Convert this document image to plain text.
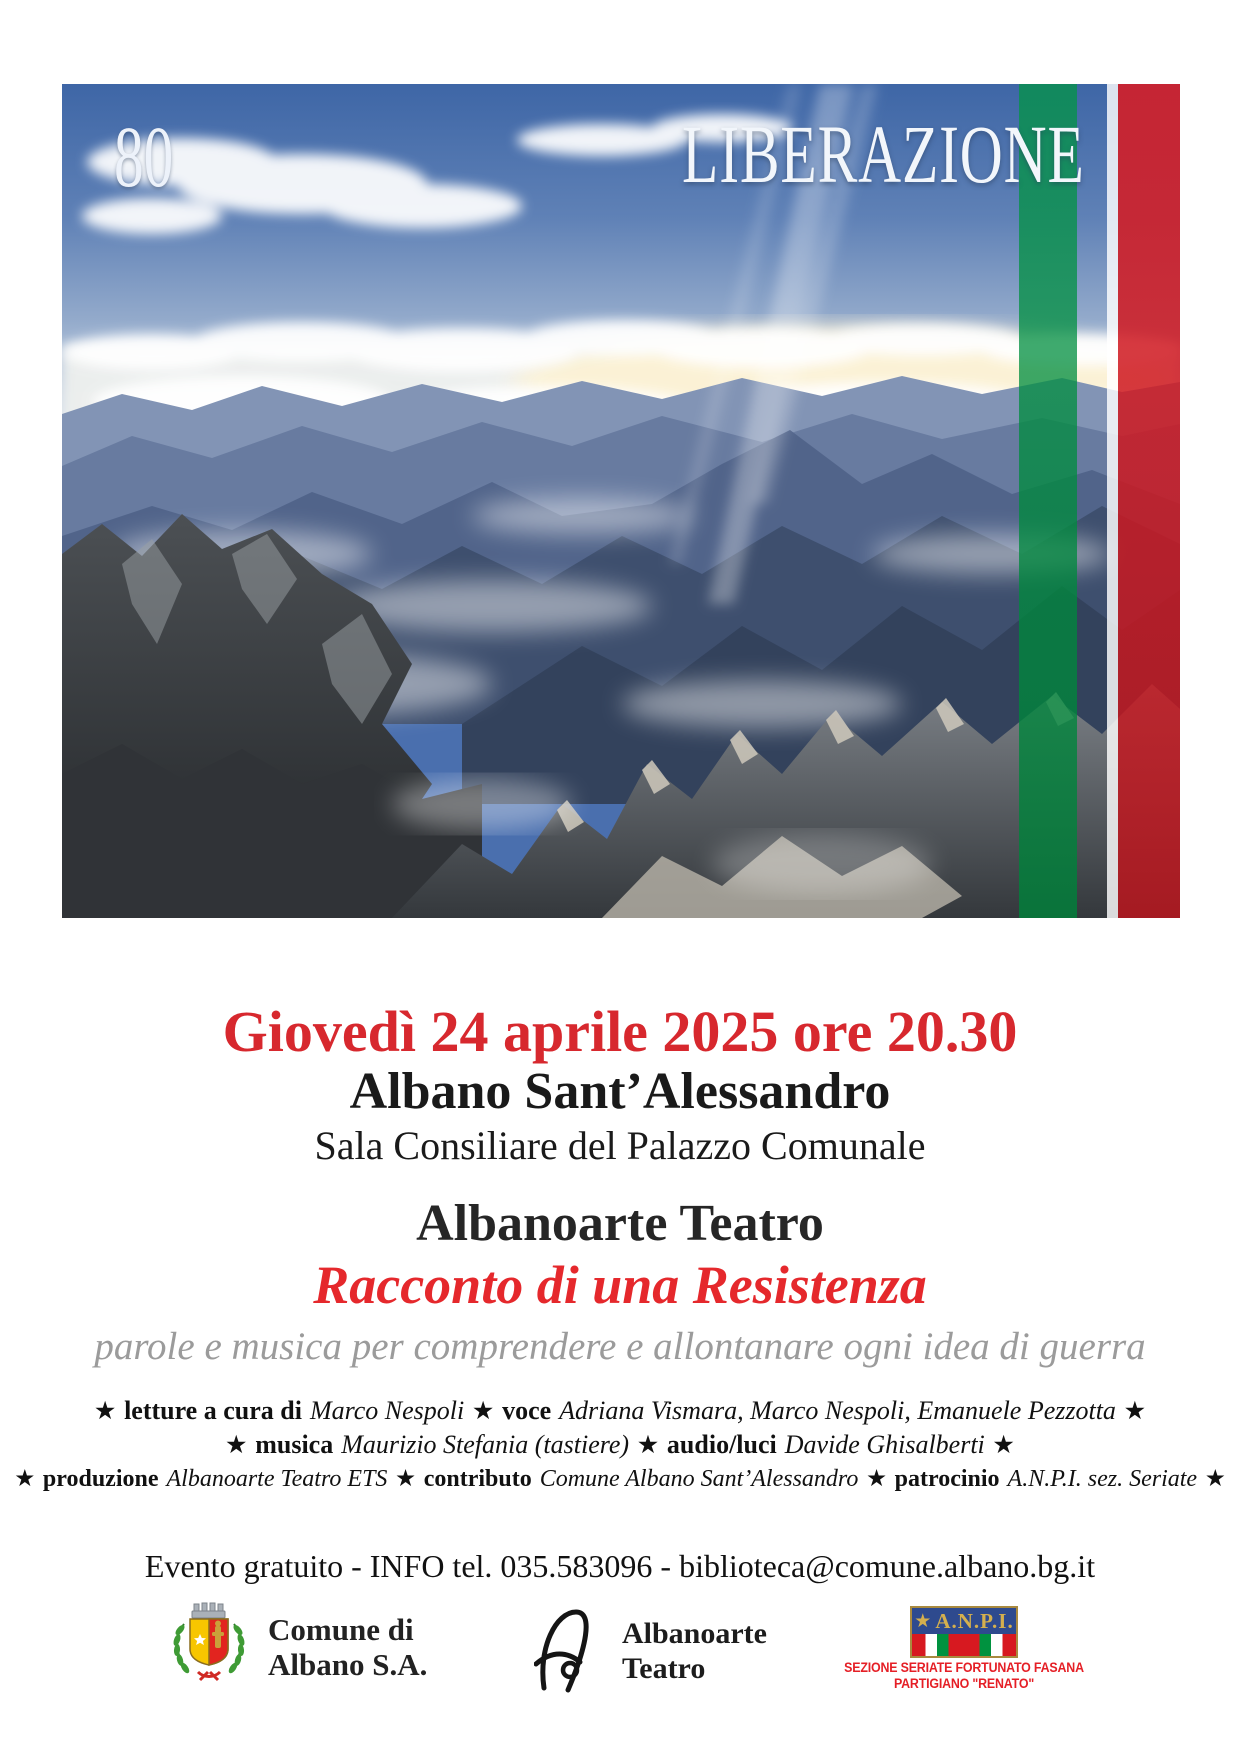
80	LIBERAZIONE
Giovedì 24 aprile 2025 ore 20.30
Albano Sant’Alessandro
Sala Consiliare del Palazzo Comunale
Albanoarte Teatro
Racconto di una Resistenza
parole e musica per comprendere e allontanare ogni idea di guerra
★ letture a cura di Marco Nespoli ★ voce Adriana Vismara, Marco Nespoli, Emanuele Pezzotta ★
★ musica Maurizio Stefania (tastiere) ★ audio/luci Davide Ghisalberti ★
★ produzione Albanoarte Teatro ETS ★ contributo Comune Albano Sant’Alessandro ★ patrocinio A.N.P.I. sez. Seriate ★
Evento gratuito - INFO tel. 035.583096 - biblioteca@comune.albano.bg.it
Comune di
Albano S.A.
Albanoarte
Teatro
★ A.N.P.I.
SEZIONE SERIATE FORTUNATO FASANA
PARTIGIANO "RENATO"
